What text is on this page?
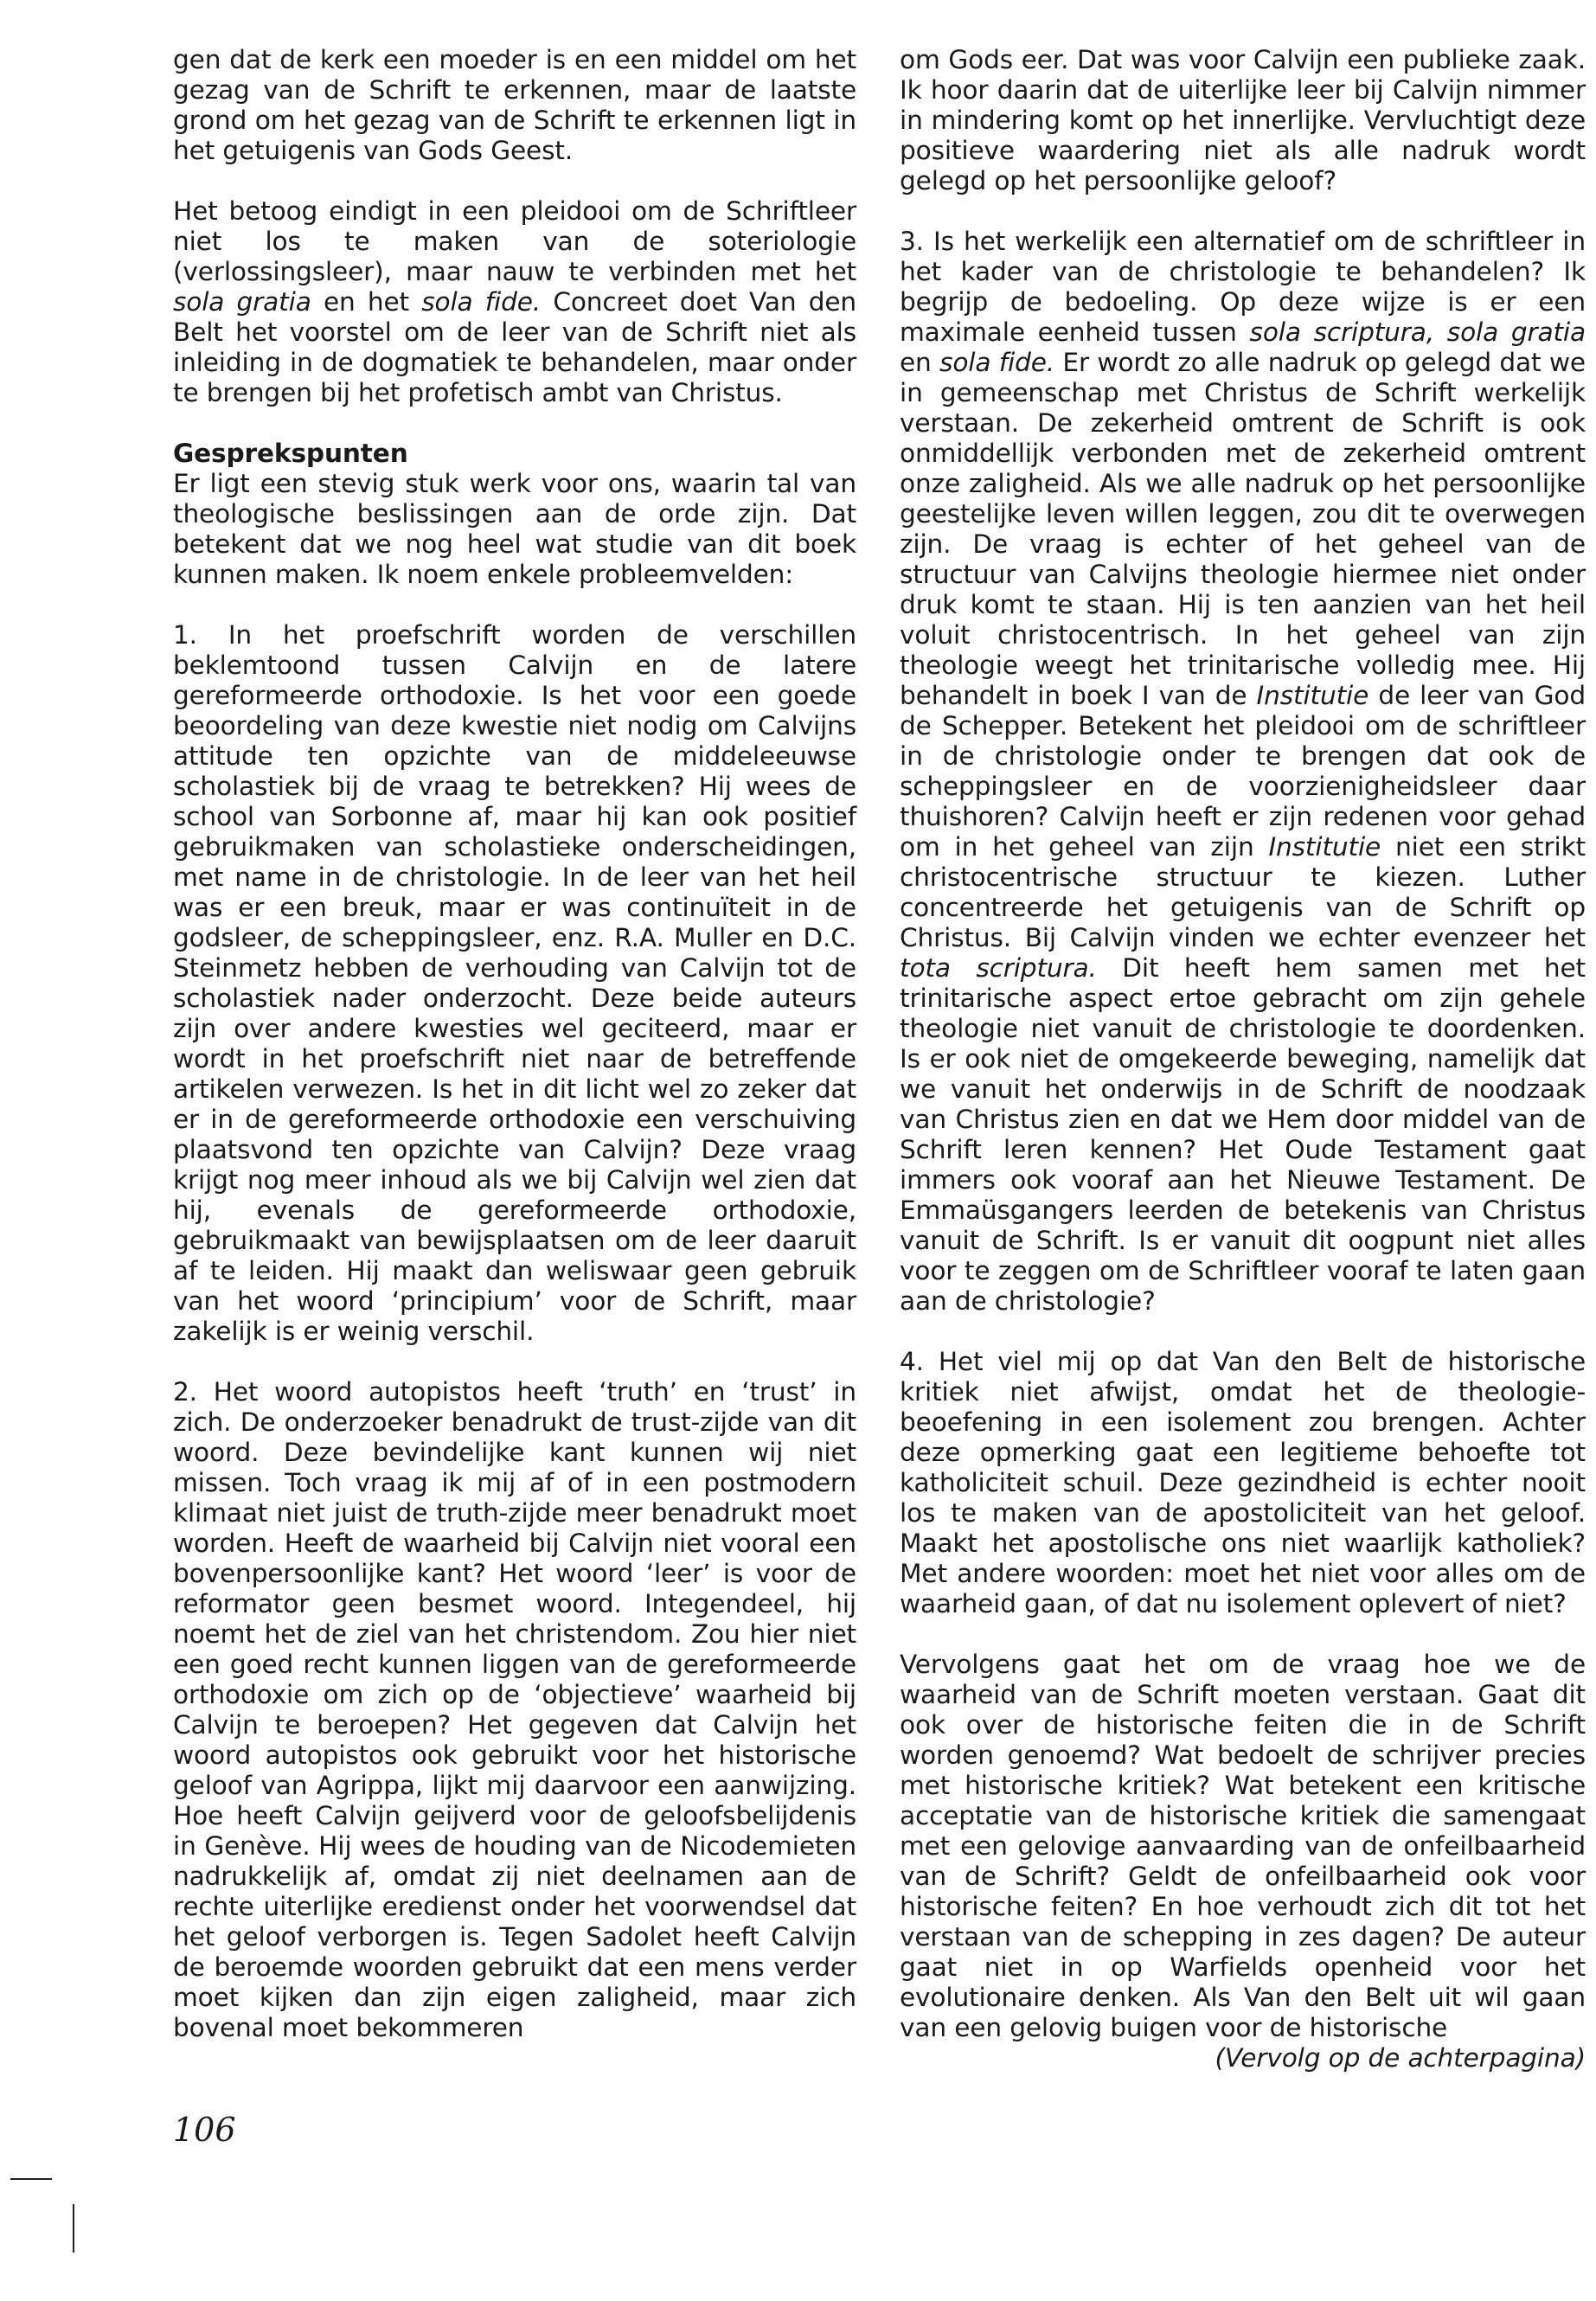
gen dat de kerk een moeder is en een middel om het gezag van de Schrift te erkennen, maar de laatste grond om het gezag van de Schrift te erkennen ligt in het getuigenis van Gods Geest.

Het betoog eindigt in een pleidooi om de Schriftleer niet los te maken van de soteriologie (verlossingsleer), maar nauw te verbinden met het sola gratia en het sola fide. Concreet doet Van den Belt het voorstel om de leer van de Schrift niet als inleiding in de dogmatiek te behandelen, maar onder te brengen bij het profetisch ambt van Christus.

Gesprekspunten

Er ligt een stevig stuk werk voor ons, waarin tal van theologische beslissingen aan de orde zijn. Dat betekent dat we nog heel wat studie van dit boek kunnen maken. Ik noem enkele probleemvelden:

1. In het proefschrift worden de verschillen beklemtoond tussen Calvijn en de latere gereformeerde orthodoxie. Is het voor een goede beoordeling van deze kwestie niet nodig om Calvijns attitude ten opzichte van de middeleeuwse scholastiek bij de vraag te betrekken? Hij wees de school van Sorbonne af, maar hij kan ook positief gebruikmaken van scholastieke onderscheidingen, met name in de christologie. In de leer van het heil was er een breuk, maar er was continuïteit in de godsleer, de scheppingsleer, enz. R.A. Muller en D.C. Steinmetz hebben de verhouding van Calvijn tot de scholastiek nader onderzocht. Deze beide auteurs zijn over andere kwesties wel geciteerd, maar er wordt in het proefschrift niet naar de betreffende artikelen verwezen. Is het in dit licht wel zo zeker dat er in de gereformeerde orthodoxie een verschuiving plaatsvond ten opzichte van Calvijn? Deze vraag krijgt nog meer inhoud als we bij Calvijn wel zien dat hij, evenals de gereformeerde orthodoxie, gebruikmaakt van bewijsplaatsen om de leer daaruit af te leiden. Hij maakt dan weliswaar geen gebruik van het woord ‘principium’ voor de Schrift, maar zakelijk is er weinig verschil.

2. Het woord autopistos heeft ‘truth’ en ‘trust’ in zich. De onderzoeker benadrukt de trust-zijde van dit woord. Deze bevindelijke kant kunnen wij niet missen. Toch vraag ik mij af of in een postmodern klimaat niet juist de truth-zijde meer benadrukt moet worden. Heeft de waarheid bij Calvijn niet vooral een bovenpersoonlijke kant? Het woord ‘leer’ is voor de reformator geen besmet woord. Integendeel, hij noemt het de ziel van het christendom. Zou hier niet een goed recht kunnen liggen van de gereformeerde orthodoxie om zich op de ‘objectieve’ waarheid bij Calvijn te beroepen? Het gegeven dat Calvijn het woord autopistos ook gebruikt voor het historische geloof van Agrippa, lijkt mij daarvoor een aanwijzing. Hoe heeft Calvijn geijverd voor de geloofsbelijdenis in Genève. Hij wees de houding van de Nicodemieten nadrukkelijk af, omdat zij niet deelnamen aan de rechte uiterlijke eredienst onder het voorwendsel dat het geloof verborgen is. Tegen Sadolet heeft Calvijn de beroemde woorden gebruikt dat een mens verder moet kijken dan zijn eigen zaligheid, maar zich bovenal moet bekommeren

om Gods eer. Dat was voor Calvijn een publieke zaak. Ik hoor daarin dat de uiterlijke leer bij Calvijn nimmer in mindering komt op het innerlijke. Vervluchtigt deze positieve waardering niet als alle nadruk wordt gelegd op het persoonlijke geloof?

3. Is het werkelijk een alternatief om de schriftleer in het kader van de christologie te behandelen? Ik begrijp de bedoeling. Op deze wijze is er een maximale eenheid tussen sola scriptura, sola gratia en sola fide. Er wordt zo alle nadruk op gelegd dat we in gemeenschap met Christus de Schrift werkelijk verstaan. De zekerheid omtrent de Schrift is ook onmiddellijk verbonden met de zekerheid omtrent onze zaligheid. Als we alle nadruk op het persoonlijke geestelijke leven willen leggen, zou dit te overwegen zijn. De vraag is echter of het geheel van de structuur van Calvijns theologie hiermee niet onder druk komt te staan. Hij is ten aanzien van het heil voluit christocentrisch. In het geheel van zijn theologie weegt het trinitarische volledig mee. Hij behandelt in boek I van de Institutie de leer van God de Schepper. Betekent het pleidooi om de schriftleer in de christologie onder te brengen dat ook de scheppingsleer en de voorzienigheidsleer daar thuishoren? Calvijn heeft er zijn redenen voor gehad om in het geheel van zijn Institutie niet een strikt christocentrische structuur te kiezen. Luther concentreerde het getuigenis van de Schrift op Christus. Bij Calvijn vinden we echter evenzeer het tota scriptura. Dit heeft hem samen met het trinitarische aspect ertoe gebracht om zijn gehele theologie niet vanuit de christologie te doordenken. Is er ook niet de omgekeerde beweging, namelijk dat we vanuit het onderwijs in de Schrift de noodzaak van Christus zien en dat we Hem door middel van de Schrift leren kennen? Het Oude Testament gaat immers ook vooraf aan het Nieuwe Testament. De Emmaüsgangers leerden de betekenis van Christus vanuit de Schrift. Is er vanuit dit oogpunt niet alles voor te zeggen om de Schriftleer vooraf te laten gaan aan de christologie?

4. Het viel mij op dat Van den Belt de historische kritiek niet afwijst, omdat het de theologie-beoefening in een isolement zou brengen. Achter deze opmerking gaat een legitieme behoefte tot katholiciteit schuil. Deze gezindheid is echter nooit los te maken van de apostoliciteit van het geloof. Maakt het apostolische ons niet waarlijk katholiek? Met andere woorden: moet het niet voor alles om de waarheid gaan, of dat nu isolement oplevert of niet?

Vervolgens gaat het om de vraag hoe we de waarheid van de Schrift moeten verstaan. Gaat dit ook over de historische feiten die in de Schrift worden genoemd? Wat bedoelt de schrijver precies met historische kritiek? Wat betekent een kritische acceptatie van de historische kritiek die samengaat met een gelovige aanvaarding van de onfeilbaarheid van de Schrift? Geldt de onfeilbaarheid ook voor historische feiten? En hoe verhoudt zich dit tot het verstaan van de schepping in zes dagen? De auteur gaat niet in op Warfields openheid voor het evolutionaire denken. Als Van den Belt uit wil gaan van een gelovig buigen voor de historische

(Vervolg op de achterpagina)

106
